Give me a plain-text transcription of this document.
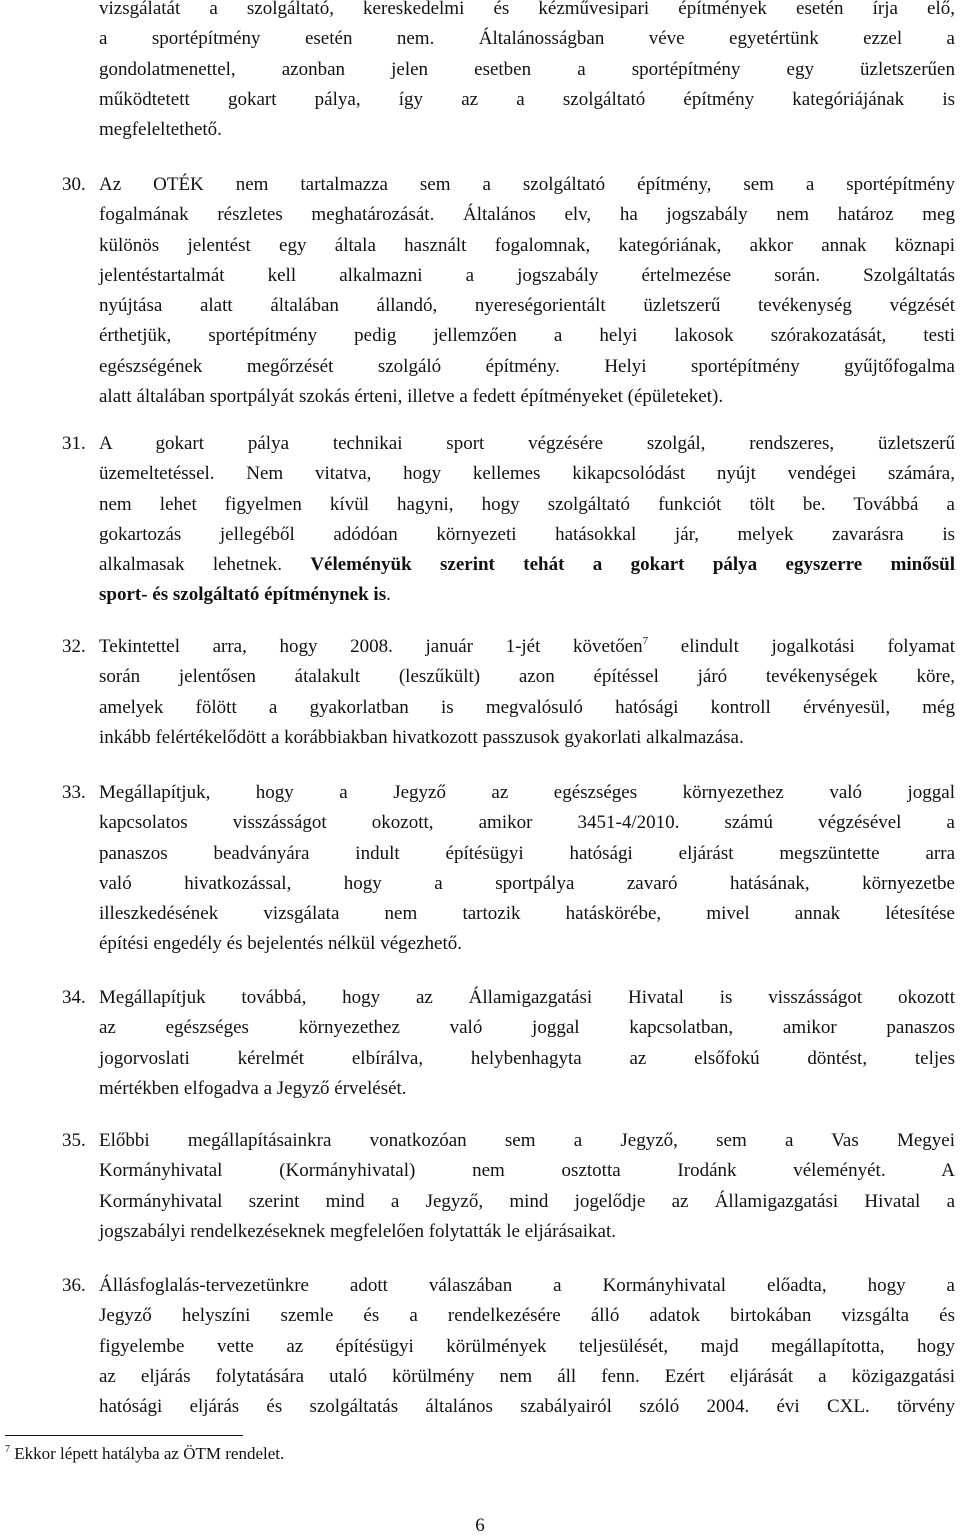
vizsgálatát a szolgáltató, kereskedelmi és kézművesipari építmények esetén írja elő,
a sportépítmény esetén nem. Általánosságban véve egyetértünk ezzel a
gondolatmenettel, azonban jelen esetben a sportépítmény egy üzletszerűen
működtetett gokart pálya, így az a szolgáltató építmény kategóriájának is
megfeleltethető.
30. Az OTÉK nem tartalmazza sem a szolgáltató építmény, sem a sportépítmény
fogalmának részletes meghatározását. Általános elv, ha jogszabály nem határoz meg
különös jelentést egy általa használt fogalomnak, kategóriának, akkor annak köznapi
jelentéstartalmát kell alkalmazni a jogszabály értelmezése során. Szolgáltatás
nyújtása alatt általában állandó, nyereségorientált üzletszerű tevékenység végzését
érthetjük, sportépítmény pedig jellemzően a helyi lakosok szórakozatását, testi
egészségének megőrzését szolgáló építmény. Helyi sportépítmény gyűjtőfogalma
alatt általában sportpályát szokás érteni, illetve a fedett építményeket (épületeket).
31. A gokart pálya technikai sport végzésére szolgál, rendszeres, üzletszerű
üzemeltetéssel. Nem vitatva, hogy kellemes kikapcsolódást nyújt vendégei számára,
nem lehet figyelmen kívül hagyni, hogy szolgáltató funkciót tölt be. Továbbá a
gokartozás jellegéből adódóan környezeti hatásokkal jár, melyek zavarásra is
alkalmasak lehetnek. Véleményük szerint tehát a gokart pálya egyszerre minősül
sport- és szolgáltató építménynek is.
32. Tekintettel arra, hogy 2008. január 1-jét követően$^7$ elindult jogalkotási folyamat
során jelentősen átalakult (leszűkült) azon építéssel járó tevékenységek köre,
amelyek fölött a gyakorlatban is megvalósuló hatósági kontroll érvényesül, még
inkább felértékelődött a korábbiakban hivatkozott passzusok gyakorlati alkalmazása.
33. Megállapítjuk, hogy a Jegyző az egészséges környezethez való joggal
kapcsolatos visszásságot okozott, amikor 3451-4/2010. számú végzésével a
panaszos beadványára indult építésügyi hatósági eljárást megszüntette arra
való hivatkozással, hogy a sportpálya zavaró hatásának, környezetbe
illeszkedésének vizsgálata nem tartozik hatáskörébe, mivel annak létesítése
építési engedély és bejelentés nélkül végezhető.
34. Megállapítjuk továbbá, hogy az Államigazgatási Hivatal is visszásságot okozott
az egészséges környezethez való joggal kapcsolatban, amikor panaszos
jogorvoslati kérelmét elbírálva, helybenhagyta az elsőfokú döntést, teljes
mértékben elfogadva a Jegyző érvelését.
35. Előbbi megállapításainkra vonatkozóan sem a Jegyző, sem a Vas Megyei
Kormányhivatal (Kormányhivatal) nem osztotta Irodánk véleményét. A
Kormányhivatal szerint mind a Jegyző, mind jogelődje az Államigazgatási Hivatal a
jogszabályi rendelkezéseknek megfelelően folytatták le eljárásaikat.
36. Állásfoglalás-tervezetünkre adott válaszában a Kormányhivatal előadta, hogy a
Jegyző helyszíni szemle és a rendelkezésére álló adatok birtokában vizsgálta és
figyelembe vette az építésügyi körülmények teljesülését, majd megállapította, hogy
az eljárás folytatására utaló körülmény nem áll fenn. Ezért eljárását a közigazgatási
hatósági eljárás és szolgáltatás általános szabályairól szóló 2004. évi CXL. törvény
$^7$ Ekkor lépett hatályba az ÖTM rendelet.
6
